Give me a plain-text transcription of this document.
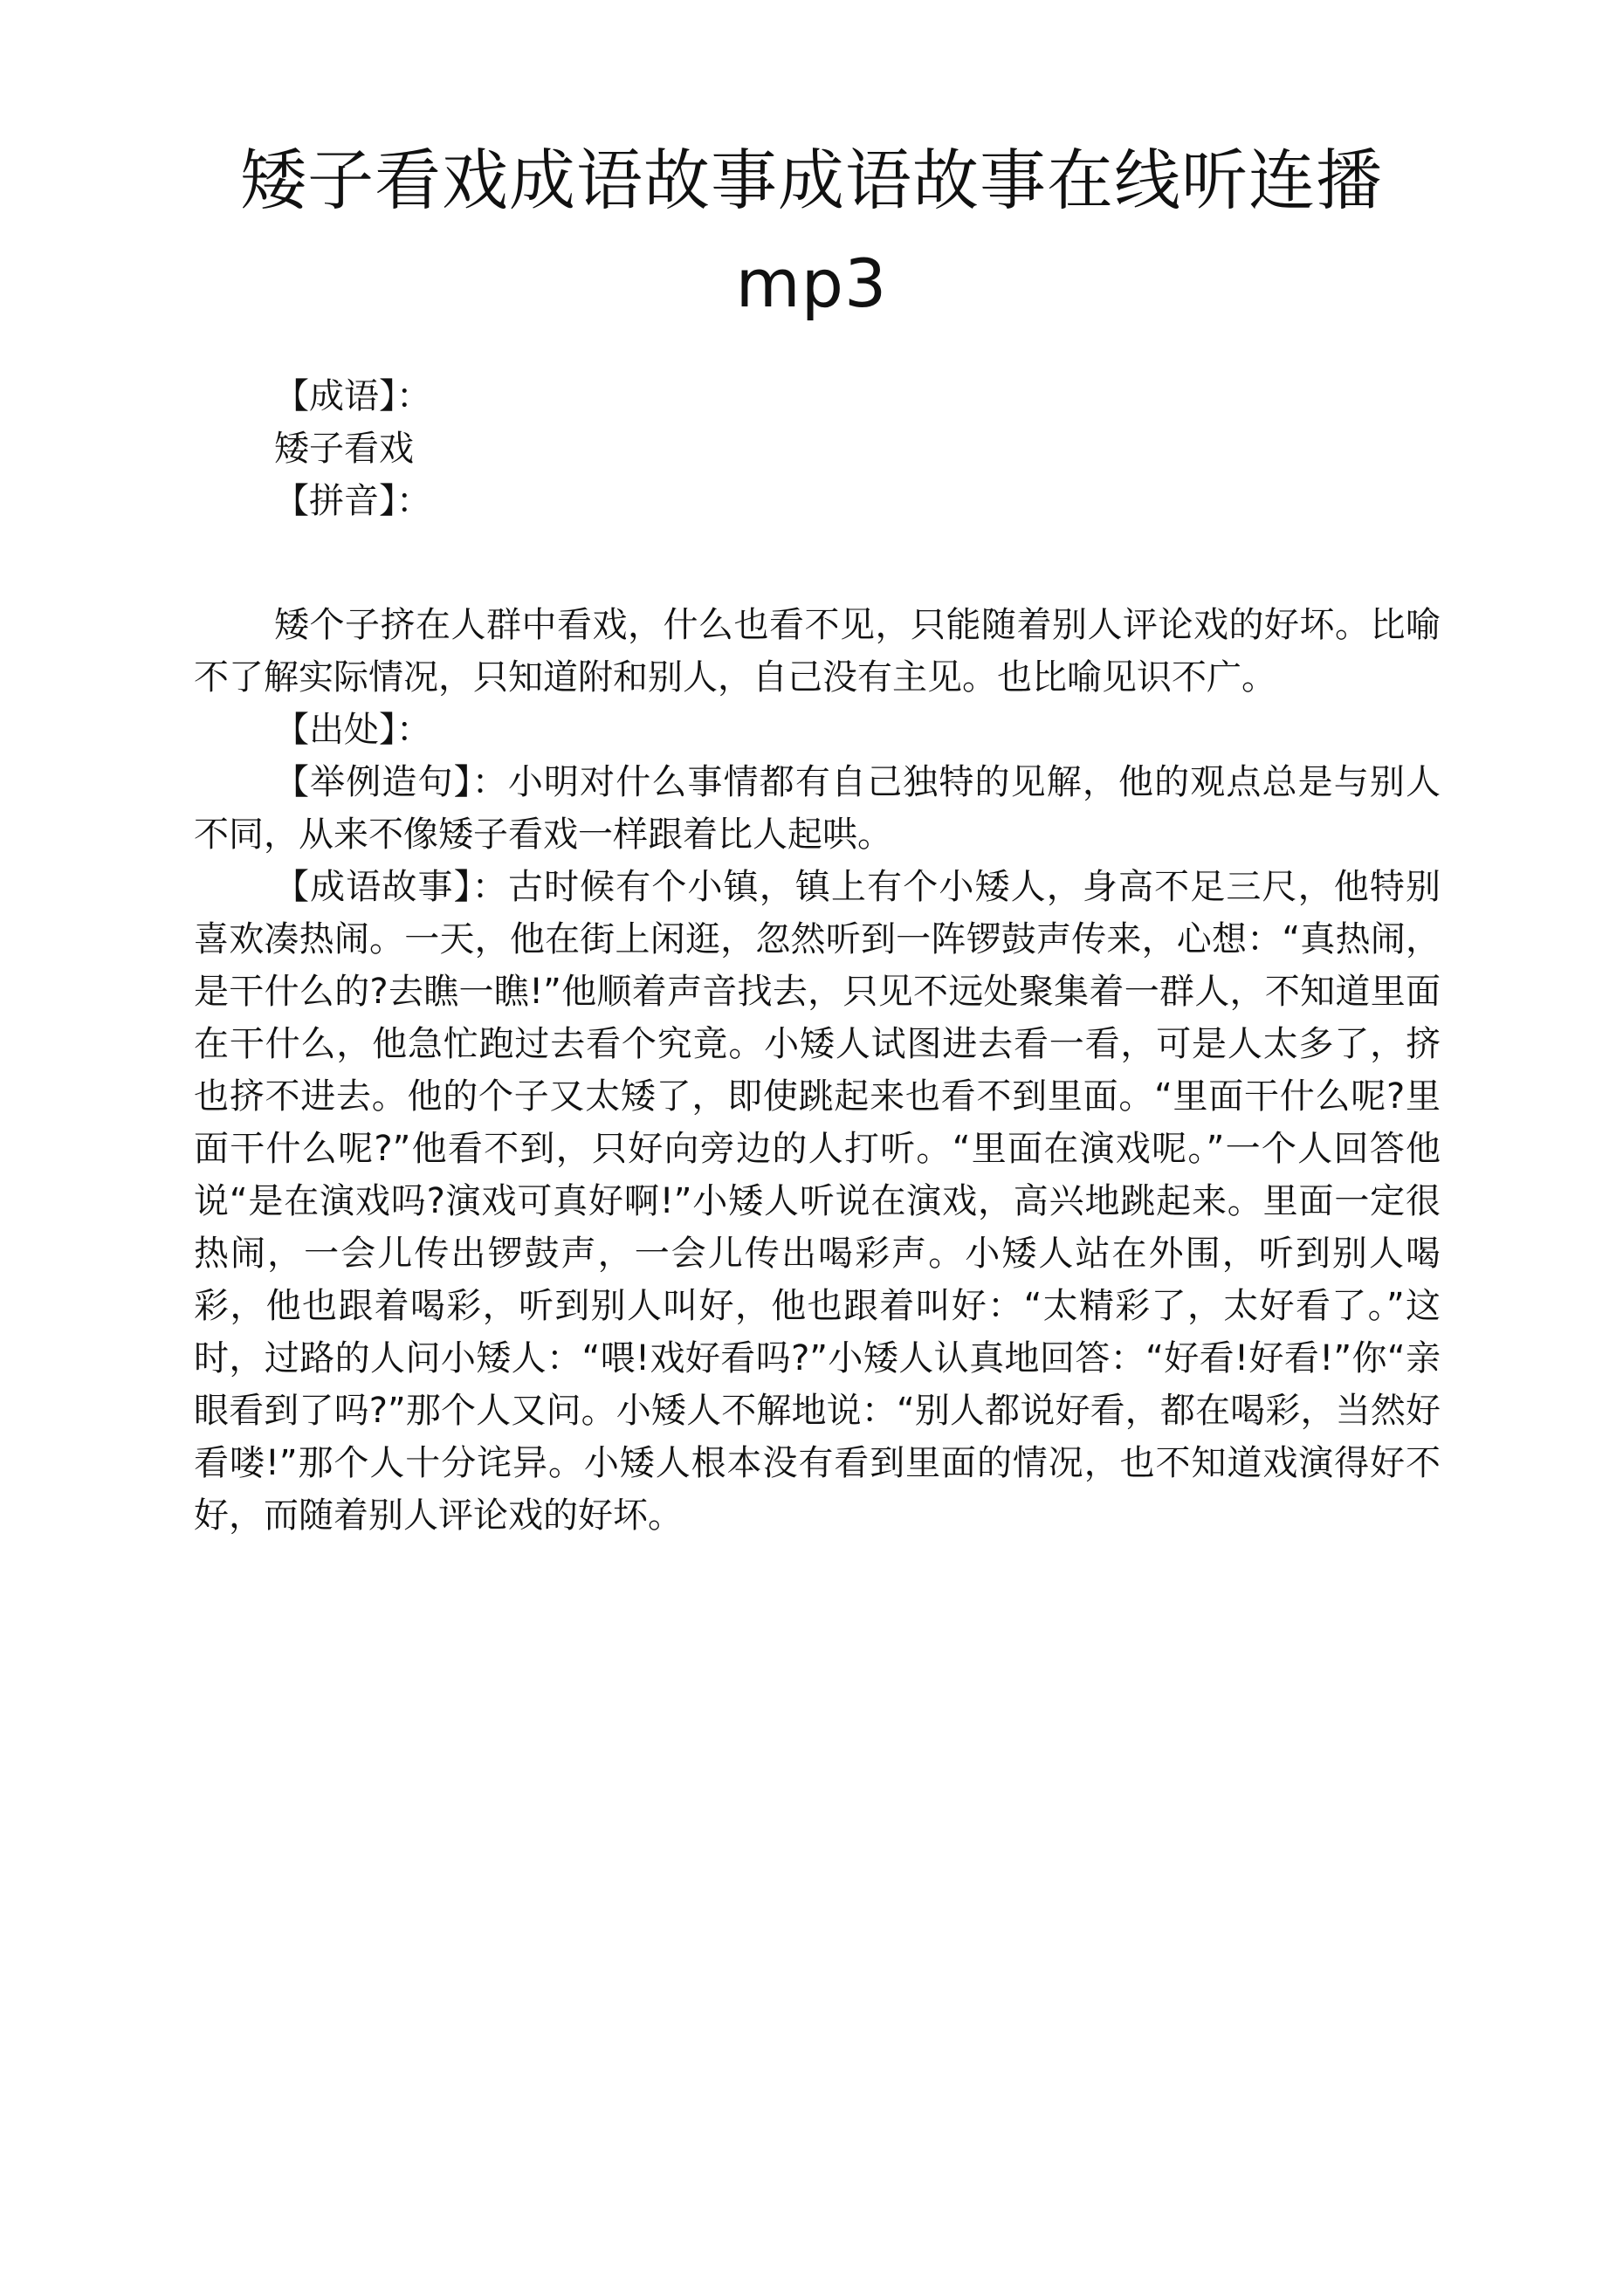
矮子看戏成语故事成语故事在线听连播
mp3

【成语】：

矮子看戏

【拼音】：

矮个子挤在人群中看戏，什么也看不见，只能随着别人评论戏的好坏。比喻不了解实际情况，只知道附和别人，自己没有主见。也比喻见识不广。

【出处】：

【举例造句】：小明对什么事情都有自己独特的见解，他的观点总是与别人不同，从来不像矮子看戏一样跟着比人起哄。

【成语故事】：古时候有个小镇，镇上有个小矮人，身高不足三尺，他特别喜欢凑热闹。一天，他在街上闲逛，忽然听到一阵锣鼓声传来，心想：“真热闹，是干什么的?去瞧一瞧!”他顺着声音找去，只见不远处聚集着一群人，不知道里面在干什么，他急忙跑过去看个究竟。小矮人试图进去看一看，可是人太多了，挤也挤不进去。他的个子又太矮了，即使跳起来也看不到里面。“里面干什么呢?里面干什么呢?”他看不到，只好向旁边的人打听。“里面在演戏呢。”一个人回答他说“是在演戏吗?演戏可真好啊!”小矮人听说在演戏，高兴地跳起来。里面一定很热闹，一会儿传出锣鼓声，一会儿传出喝彩声。小矮人站在外围，听到别人喝彩，他也跟着喝彩，听到别人叫好，他也跟着叫好：“太精彩了，太好看了。”这时，过路的人问小矮人：“喂!戏好看吗?”小矮人认真地回答：“好看!好看!”你“亲眼看到了吗?”那个人又问。小矮人不解地说：“别人都说好看，都在喝彩，当然好看喽!”那个人十分诧异。小矮人根本没有看到里面的情况，也不知道戏演得好不好，而随着别人评论戏的好坏。
